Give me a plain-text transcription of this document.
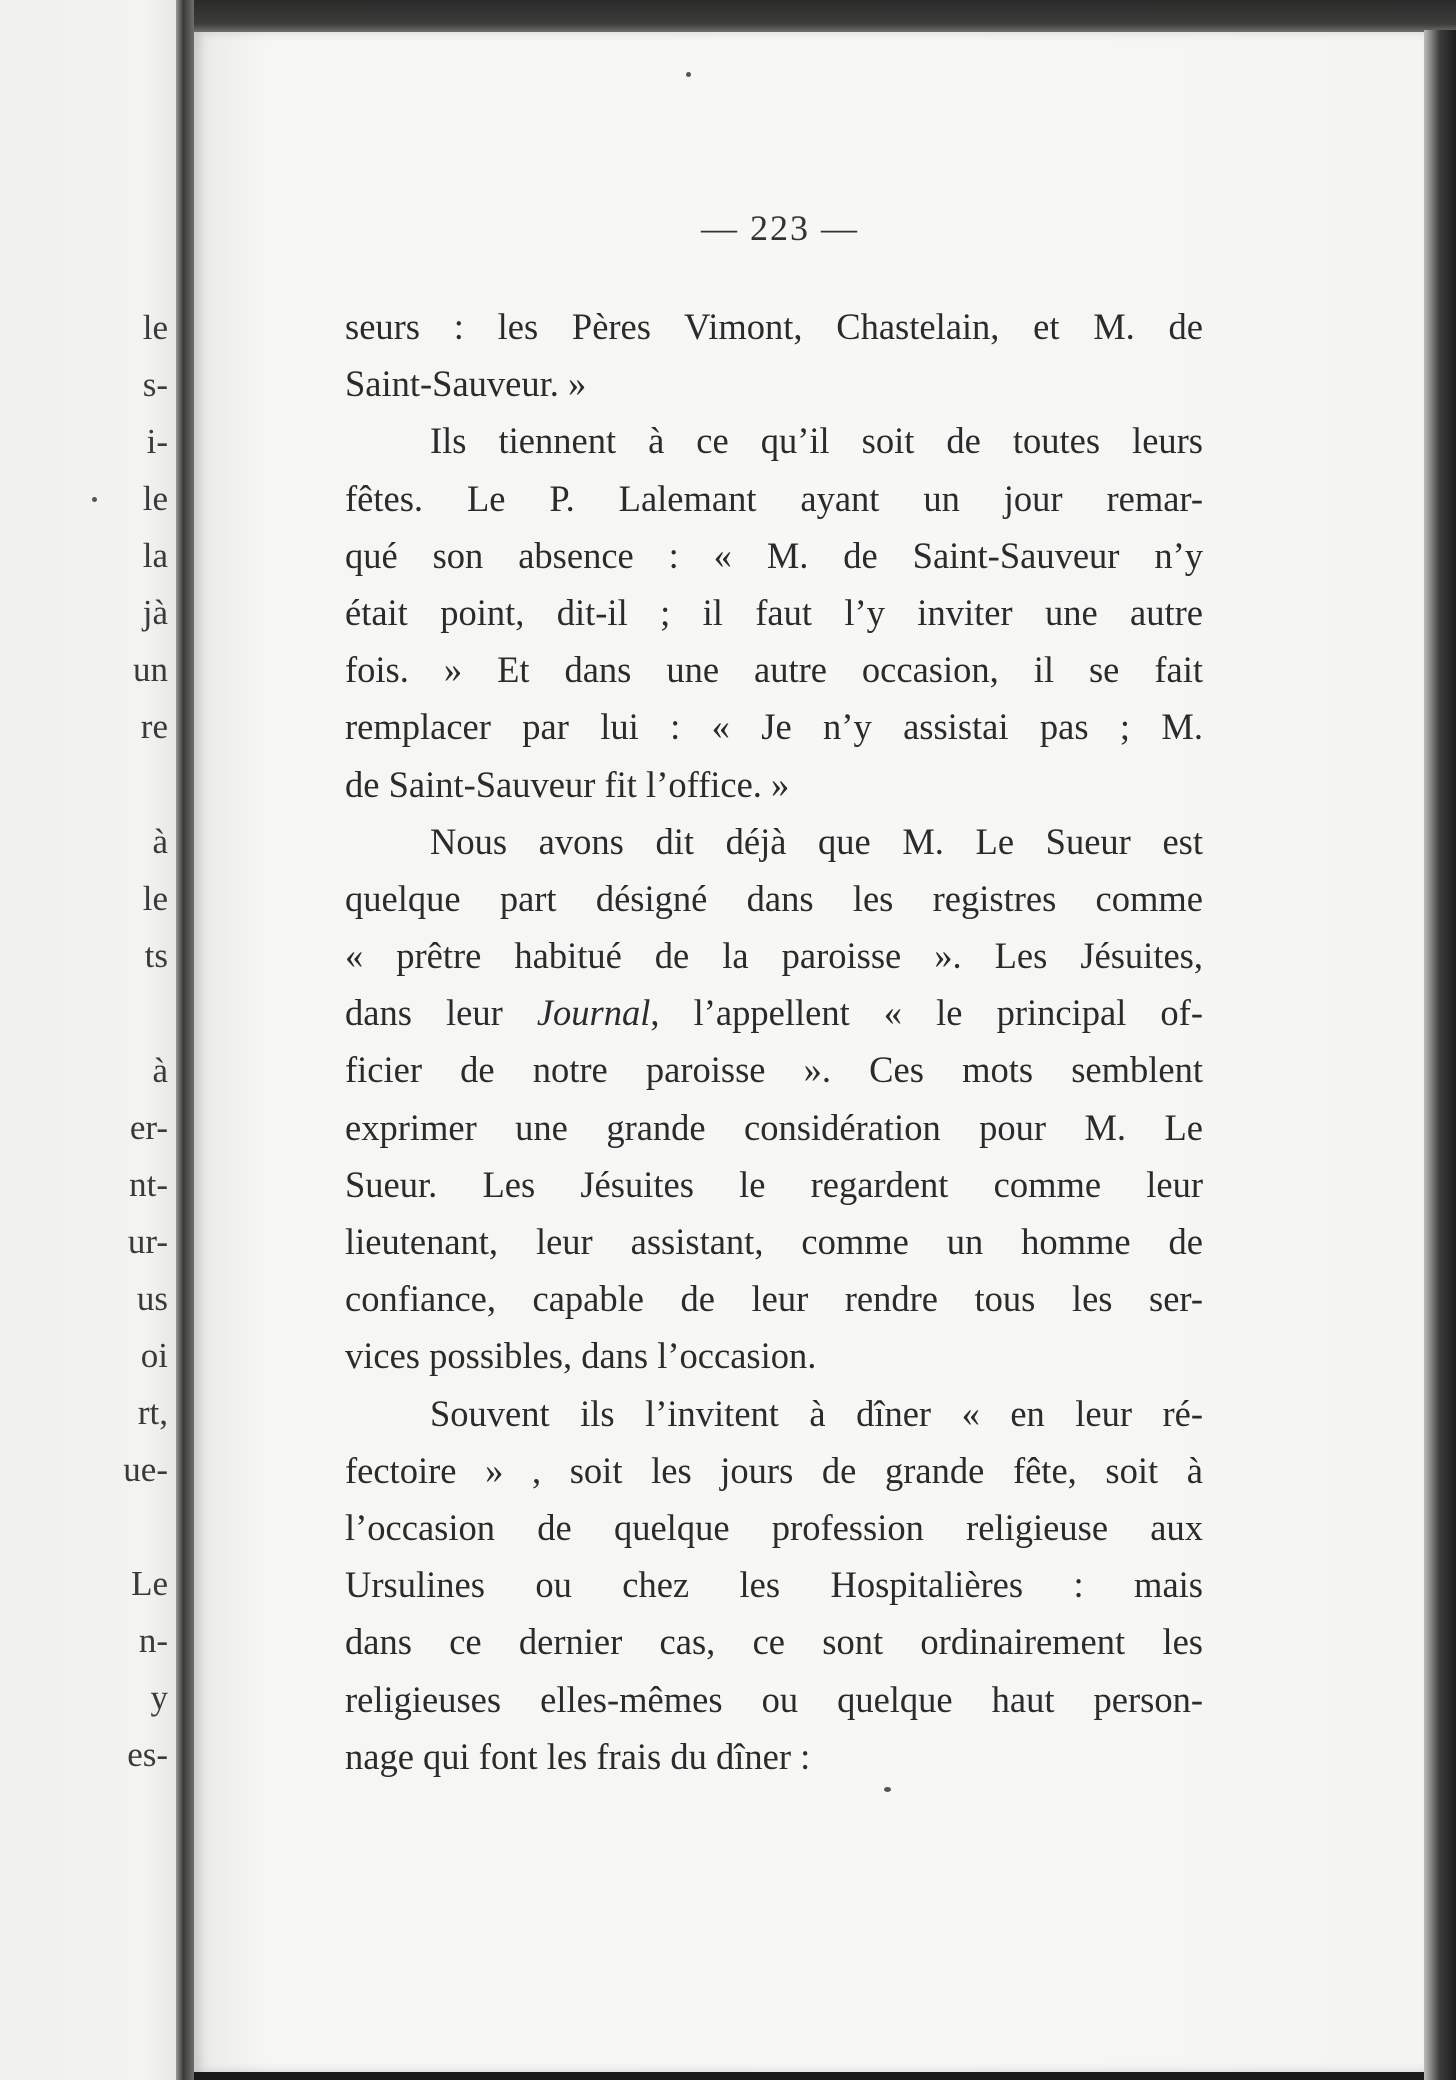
le
s-
i-
le
la
jà
un
re
à
le
ts
à
er-
nt-
ur-
us
oi
rt,
ue-
Le
n-
y
es-
— 223 —
seurs : les Pères Vimont, Chastelain, et M. de
Saint-Sauveur. »
Ils tiennent à ce qu’il soit de toutes leurs
fêtes. Le P. Lalemant ayant un jour remar-
qué son absence : « M. de Saint-Sauveur n’y
était point, dit-il ; il faut l’y inviter une autre
fois. » Et dans une autre occasion, il se fait
remplacer par lui : « Je n’y assistai pas ; M.
de Saint-Sauveur fit l’office. »
Nous avons dit déjà que M. Le Sueur est
quelque part désigné dans les registres comme
« prêtre habitué de la paroisse ». Les Jésuites,
dans leur Journal, l’appellent « le principal of-
ficier de notre paroisse ». Ces mots semblent
exprimer une grande considération pour M. Le
Sueur. Les Jésuites le regardent comme leur
lieutenant, leur assistant, comme un homme de
confiance, capable de leur rendre tous les ser-
vices possibles, dans l’occasion.
Souvent ils l’invitent à dîner « en leur ré-
fectoire » , soit les jours de grande fête, soit à
l’occasion de quelque profession religieuse aux
Ursulines ou chez les Hospitalières : mais
dans ce dernier cas, ce sont ordinairement les
religieuses elles-mêmes ou quelque haut person-
nage qui font les frais du dîner :
